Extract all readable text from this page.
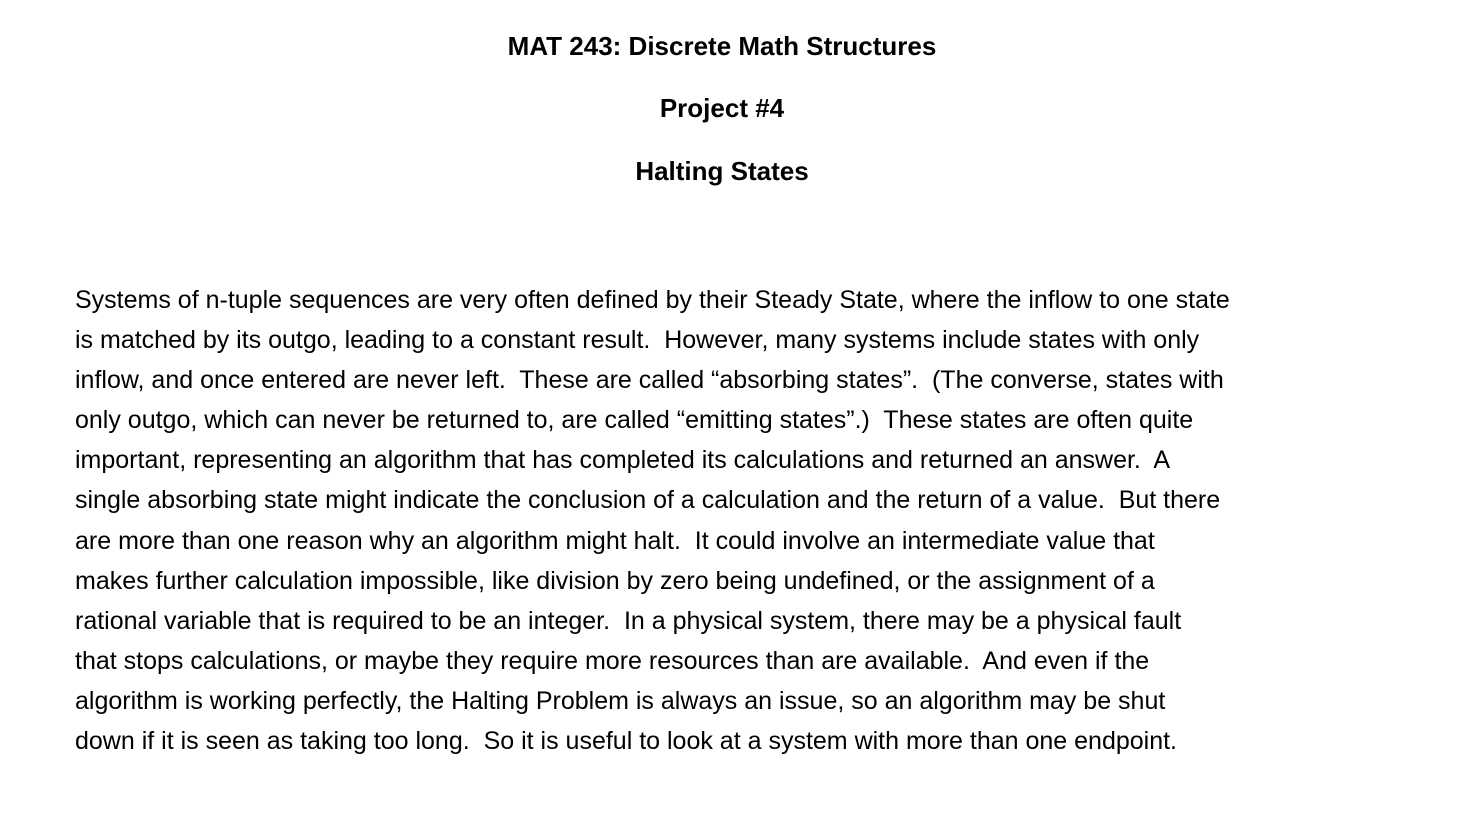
MAT 243: Discrete Math Structures
Project #4
Halting States
Systems of n-tuple sequences are very often defined by their Steady State, where the inflow to one state
is matched by its outgo, leading to a constant result.  However, many systems include states with only
inflow, and once entered are never left.  These are called “absorbing states”.  (The converse, states with
only outgo, which can never be returned to, are called “emitting states”.)  These states are often quite
important, representing an algorithm that has completed its calculations and returned an answer.  A
single absorbing state might indicate the conclusion of a calculation and the return of a value.  But there
are more than one reason why an algorithm might halt.  It could involve an intermediate value that
makes further calculation impossible, like division by zero being undefined, or the assignment of a
rational variable that is required to be an integer.  In a physical system, there may be a physical fault
that stops calculations, or maybe they require more resources than are available.  And even if the
algorithm is working perfectly, the Halting Problem is always an issue, so an algorithm may be shut
down if it is seen as taking too long.  So it is useful to look at a system with more than one endpoint.
